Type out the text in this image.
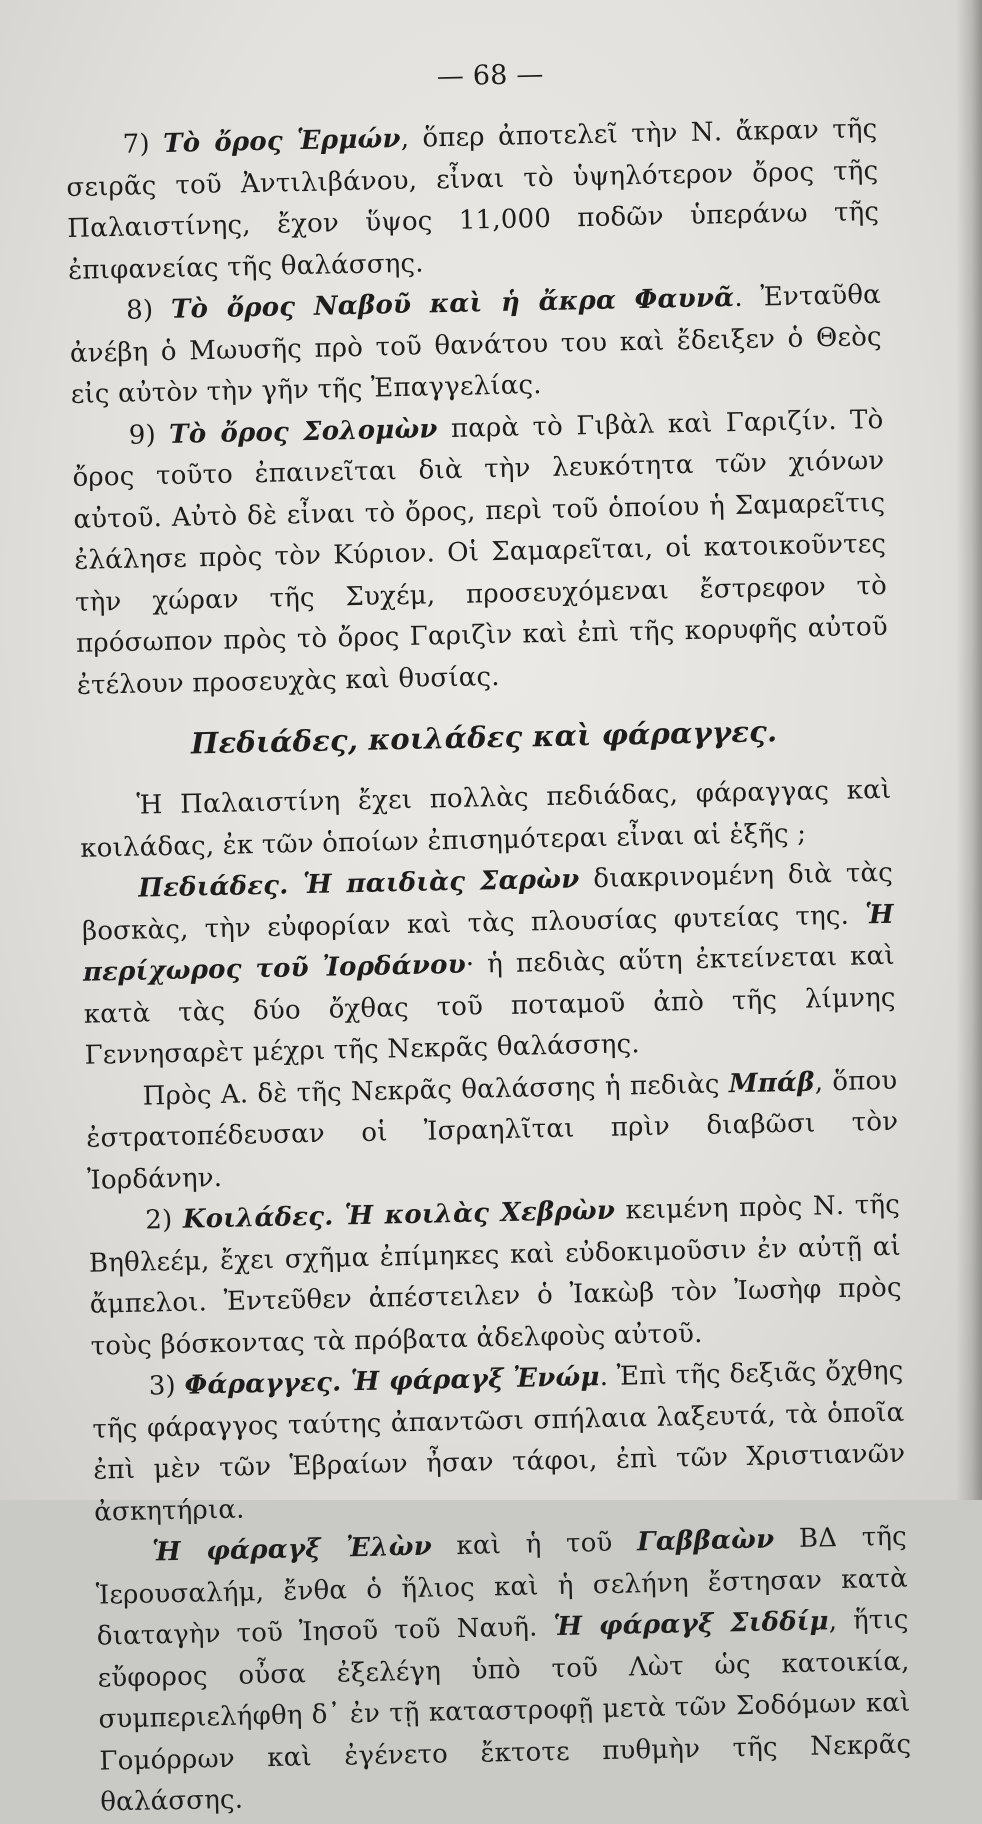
— 68 —

7) Τὸ ὄρος Ἑρμών, ὅπερ ἀποτελεῖ τὴν Ν. ἄκραν τῆς σειρᾶς τοῦ Ἀντιλιβάνου, εἶναι τὸ ὑψηλότερον ὄρος τῆς Παλαιστίνης, ἔχον ὕψος 11,000 ποδῶν ὑπεράνω τῆς ἐπιφανείας τῆς θαλάσσης.

8) Τὸ ὄρος Ναβοῦ καὶ ἡ ἄκρα Φαυνᾶ. Ἐνταῦθα ἀνέβη ὁ Μωυσῆς πρὸ τοῦ θανάτου του καὶ ἔδειξεν ὁ Θεὸς εἰς αὐτὸν τὴν γῆν τῆς Ἐπαγγελίας.

9) Τὸ ὄρος Σολομὼν παρὰ τὸ Γιβὰλ καὶ Γαριζίν. Τὸ ὄρος τοῦτο ἐπαινεῖται διὰ τὴν λευκότητα τῶν χιόνων αὐτοῦ. Αὐτὸ δὲ εἶναι τὸ ὄρος, περὶ τοῦ ὁποίου ἡ Σαμαρεῖτις ἐλάλησε πρὸς τὸν Κύριον. Οἱ Σαμαρεῖται, οἱ κατοικοῦντες τὴν χώραν τῆς Συχέμ, προσευχόμεναι ἔστρεφον τὸ πρόσωπον πρὸς τὸ ὄρος Γαριζὶν καὶ ἐπὶ τῆς κορυφῆς αὐτοῦ ἐτέλουν προσευχὰς καὶ θυσίας.

Πεδιάδες, κοιλάδες καὶ φάραγγες.

Ἡ Παλαιστίνη ἔχει πολλὰς πεδιάδας, φάραγγας καὶ κοιλάδας, ἐκ τῶν ὁποίων ἐπισημότεραι εἶναι αἱ ἑξῆς ;

Πεδιάδες. Ἡ παιδιὰς Σαρὼν διακρινομένη διὰ τὰς βοσκὰς, τὴν εὐφορίαν καὶ τὰς πλουσίας φυτείας της. Ἡ περίχωρος τοῦ Ἰορδάνου· ἡ πεδιὰς αὕτη ἐκτείνεται καὶ κατὰ τὰς δύο ὄχθας τοῦ ποταμοῦ ἀπὸ τῆς λίμνης Γεννησαρὲτ μέχρι τῆς Νεκρᾶς θαλάσσης.

Πρὸς Α. δὲ τῆς Νεκρᾶς θαλάσσης ἡ πεδιὰς Μπάβ, ὅπου ἐστρατοπέδευσαν οἱ Ἰσραηλῖται πρὶν διαβῶσι τὸν Ἰορδάνην.

2) Κοιλάδες. Ἡ κοιλὰς Χεβρὼν κειμένη πρὸς Ν. τῆς Βηθλεέμ, ἔχει σχῆμα ἐπίμηκες καὶ εὐδοκιμοῦσιν ἐν αὐτῇ αἱ ἄμπελοι. Ἐντεῦθεν ἀπέστειλεν ὁ Ἰακὼβ τὸν Ἰωσὴφ πρὸς τοὺς βόσκοντας τὰ πρόβατα ἀδελφοὺς αὐτοῦ.

3) Φάραγγες. Ἡ φάραγξ Ἐνώμ. Ἐπὶ τῆς δεξιᾶς ὄχθης τῆς φάραγγος ταύτης ἀπαντῶσι σπήλαια λαξευτά, τὰ ὁποῖα ἐπὶ μὲν τῶν Ἑβραίων ἦσαν τάφοι, ἐπὶ τῶν Χριστιανῶν ἀσκητήρια.

Ἡ φάραγξ Ἐλὼν καὶ ἡ τοῦ Γαββαὼν ΒΔ τῆς Ἱερουσαλήμ, ἔνθα ὁ ἥλιος καὶ ἡ σελήνη ἔστησαν κατὰ διαταγὴν τοῦ Ἰησοῦ τοῦ Ναυῆ. Ἡ φάραγξ Σιδδίμ, ἥτις εὔφορος οὖσα ἐξελέγη ὑπὸ τοῦ Λὼτ ὡς κατοικία, συμπεριελήφθη δ᾽ ἐν τῇ καταστροφῇ μετὰ τῶν Σοδόμων καὶ Γομόρρων καὶ ἐγένετο ἔκτοτε πυθμὴν τῆς Νεκρᾶς θαλάσσης.
